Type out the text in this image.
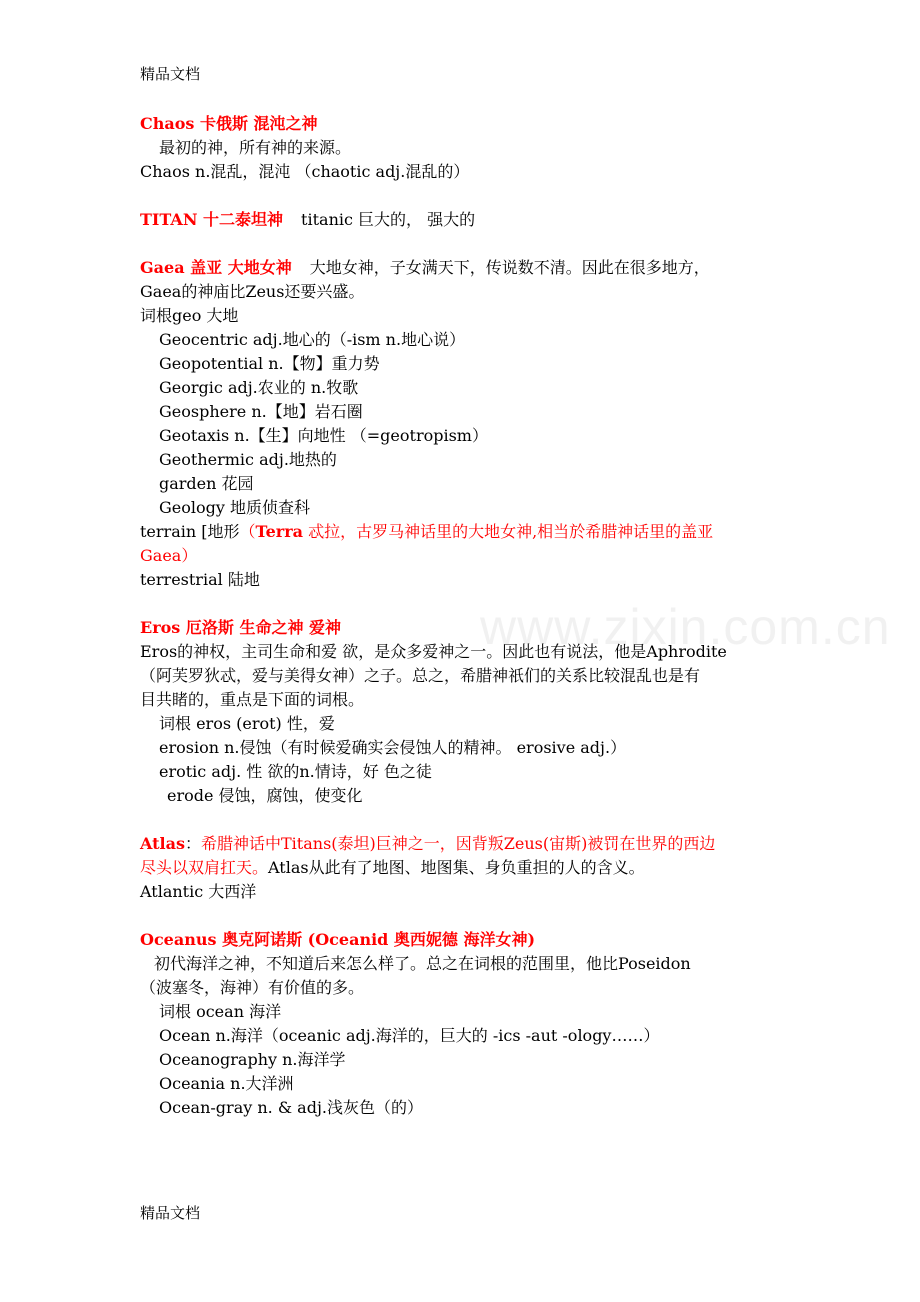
精品文档
www.zixin.com.cn

Chaos 卡俄斯 混沌之神

最初的神，所有神的来源。

Chaos n.混乱，混沌 （chaotic adj.混乱的）

TITAN 十二泰坦神 titanic 巨大的， 强大的

Gaea 盖亚 大地女神 大地女神，子女满天下，传说数不清。因此在很多地方，

Gaea的神庙比Zeus还要兴盛。

词根geo 大地

Geocentric adj.地心的（-ism n.地心说）

Geopotential n.【物】重力势

Georgic adj.农业的 n.牧歌

Geosphere n.【地】岩石圈

Geotaxis n.【生】向地性 （=geotropism）

Geothermic adj.地热的

garden 花园

Geology 地质侦查科

terrain [地形（Terra 忒拉，古罗马神话里的大地女神,相当於希腊神话里的盖亚

Gaea）

terrestrial 陆地

Eros 厄洛斯 生命之神 爱神

Eros的神权，主司生命和爱 欲，是众多爱神之一。因此也有说法，他是Aphrodite

（阿芙罗狄忒，爱与美得女神）之子。总之，希腊神祇们的关系比较混乱也是有

目共睹的，重点是下面的词根。

词根 eros (erot) 性，爱

erosion n.侵蚀（有时候爱确实会侵蚀人的精神。 erosive adj.）

erotic adj. 性 欲的n.情诗，好 色之徒

erode 侵蚀，腐蚀，使变化

Atlas：希腊神话中Titans(泰坦)巨神之一，因背叛Zeus(宙斯)被罚在世界的西边

尽头以双肩扛天。Atlas从此有了地图、地图集、身负重担的人的含义。

Atlantic 大西洋

Oceanus 奥克阿诺斯 (Oceanid 奥西妮德 海洋女神)

初代海洋之神，不知道后来怎么样了。总之在词根的范围里，他比Poseidon

（波塞冬，海神）有价值的多。

词根 ocean 海洋

Ocean n.海洋（oceanic adj.海洋的，巨大的 -ics -aut -ology……）

Oceanography n.海洋学

Oceania n.大洋洲

Ocean-gray n. & adj.浅灰色（的）

精品文档
